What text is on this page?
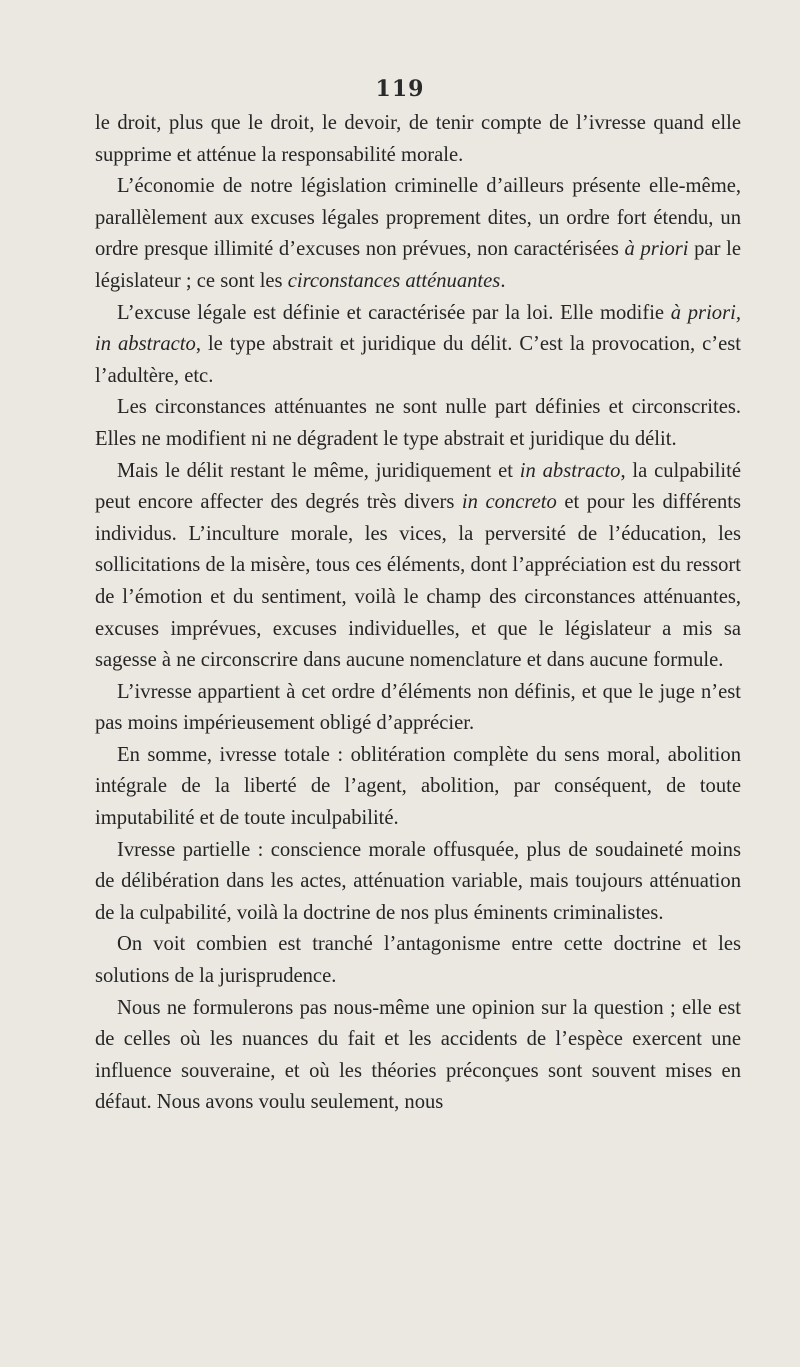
119

le droit, plus que le droit, le devoir, de tenir compte de l’ivresse quand elle supprime et atténue la responsabilité morale.

L’économie de notre législation criminelle d’ailleurs présente elle-même, parallèlement aux excuses légales proprement dites, un ordre fort étendu, un ordre presque illimité d’excuses non prévues, non caractérisées à priori par le législateur ; ce sont les circonstances atténuantes.

L’excuse légale est définie et caractérisée par la loi. Elle modifie à priori, in abstracto, le type abstrait et juridique du délit. C’est la provocation, c’est l’adultère, etc.

Les circonstances atténuantes ne sont nulle part définies et circonscrites. Elles ne modifient ni ne dégradent le type abstrait et juridique du délit.

Mais le délit restant le même, juridiquement et in abstracto, la culpabilité peut encore affecter des degrés très divers in concreto et pour les différents individus. L’inculture morale, les vices, la perversité de l’éducation, les sollicitations de la misère, tous ces éléments, dont l’appréciation est du ressort de l’émotion et du sentiment, voilà le champ des circonstances atténuantes, excuses imprévues, excuses individuelles, et que le législateur a mis sa sagesse à ne circonscrire dans aucune nomenclature et dans aucune formule.

L’ivresse appartient à cet ordre d’éléments non définis, et que le juge n’est pas moins impérieusement obligé d’apprécier.

En somme, ivresse totale : oblitération complète du sens moral, abolition intégrale de la liberté de l’agent, abolition, par conséquent, de toute imputabilité et de toute inculpabilité.

Ivresse partielle : conscience morale offusquée, plus de soudaineté moins de délibération dans les actes, atténuation variable, mais toujours atténuation de la culpabilité, voilà la doctrine de nos plus éminents criminalistes.

On voit combien est tranché l’antagonisme entre cette doctrine et les solutions de la jurisprudence.

Nous ne formulerons pas nous-même une opinion sur la question ; elle est de celles où les nuances du fait et les accidents de l’espèce exercent une influence souveraine, et où les théories préconçues sont souvent mises en défaut. Nous avons voulu seulement, nous
